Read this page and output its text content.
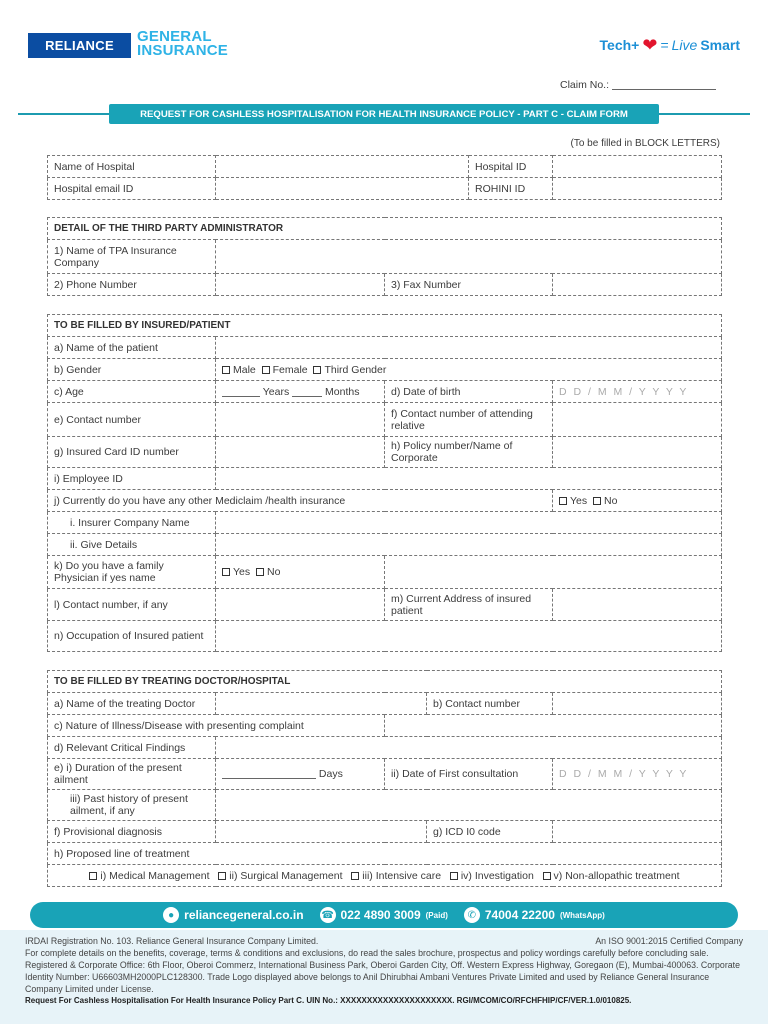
RELIANCE
GENERAL
INSURANCE	Tech+ ❤ = Live Smart
Claim No.:
REQUEST FOR CASHLESS HOSPITALISATION FOR HEALTH INSURANCE POLICY - PART C - CLAIM FORM
(To be filled in BLOCK LETTERS)
Name of Hospital		Hospital ID	
Hospital email ID		ROHINI ID	
DETAIL OF THE THIRD PARTY ADMINISTRATOR			
1) Name of TPA Insurance Company			
2) Phone Number		3) Fax Number	
TO BE FILLED BY INSURED/PATIENT			
a) Name of the patient			
b) Gender	Male Female Third Gender		
c) Age	Years Months	d) Date of birth	D D / M M / Y Y Y Y
e) Contact number		f) Contact number of attending relative	
g) Insured Card ID number		h) Policy number/Name of Corporate	
i) Employee ID			
j) Currently do you have any other Mediclaim /health insurance			Yes No
i. Insurer Company Name			
ii. Give Details			
k) Do you have a family Physician if yes name	Yes No		
l) Contact number, if any		m) Current Address of insured patient	
n) Occupation of Insured patient			
TO BE FILLED BY TREATING DOCTOR/HOSPITAL				
a) Name of the treating Doctor			b) Contact number	
c) Nature of Illness/Disease with presenting complaint				
d) Relevant Critical Findings				
e) i) Duration of the present ailment	Days	ii) Date of First consultation		D D / M M / Y Y Y Y
iii) Past history of present ailment, if any				
f) Provisional diagnosis			g) ICD I0 code	
h) Proposed line of treatment				
i) Medical Management ii) Surgical Management iii) Intensive care iv) Investigation v) Non-allopathic treatment				
● reliancegeneral.co.in ☎ 022 4890 3009 (Paid)	✆ 74004 22200 (WhatsApp)
IRDAI Registration No. 103. Reliance General Insurance Company Limited.	An ISO 9001:2015 Certified Company
For complete details on the benefits, coverage, terms & conditions and exclusions, do read the sales brochure, prospectus and policy wordings carefully before concluding sale. Registered & Corporate Office: 6th Floor, Oberoi Commerz, International Business Park, Oberoi Garden City, Off. Western Express Highway, Goregaon (E), Mumbai-400063. Corporate Identity Number: U66603MH2000PLC128300. Trade Logo displayed above belongs to Anil Dhirubhai Ambani Ventures Private Limited and used by Reliance General Insurance Company Limited under License.
Request For Cashless Hospitalisation For Health Insurance Policy Part C. UIN No.: XXXXXXXXXXXXXXXXXXXXX. RGI/MCOM/CO/RFCHFHIP/CF/VER.1.0/010825.
